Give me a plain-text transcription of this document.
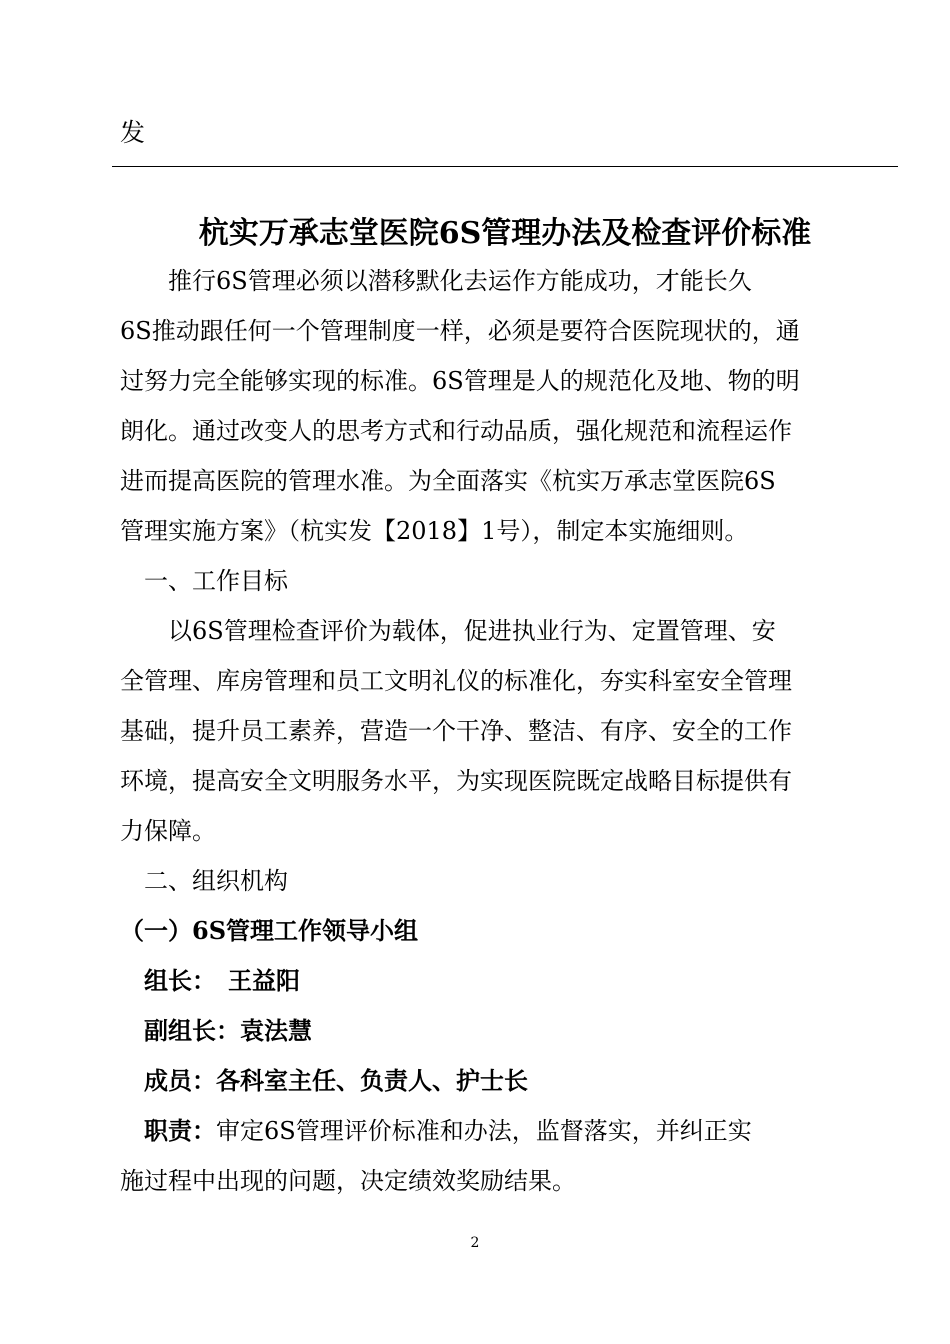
发
杭实万承志堂医院6S管理办法及检查评价标准
　　推行6S管理必须以潜移默化去运作方能成功，才能长久
6S推动跟任何一个管理制度一样，必须是要符合医院现状的，通
过努力完全能够实现的标准。6S管理是人的规范化及地、物的明
朗化。通过改变人的思考方式和行动品质，强化规范和流程运作
进而提高医院的管理水准。为全面落实《杭实万承志堂医院6S
管理实施方案》（杭实发【2018】1号），制定本实施细则。
　一、工作目标
　　以6S管理检查评价为载体，促进执业行为、定置管理、安
全管理、库房管理和员工文明礼仪的标准化，夯实科室安全管理
基础，提升员工素养，营造一个干净、整洁、有序、安全的工作
环境，提高安全文明服务水平，为实现医院既定战略目标提供有
力保障。
　二、组织机构
（一）6S管理工作领导小组
　组长：　王益阳
　副组长：袁法慧
　成员：各科室主任、负责人、护士长
　职责：审定6S管理评价标准和办法，监督落实，并纠正实
施过程中出现的问题，决定绩效奖励结果。
2
